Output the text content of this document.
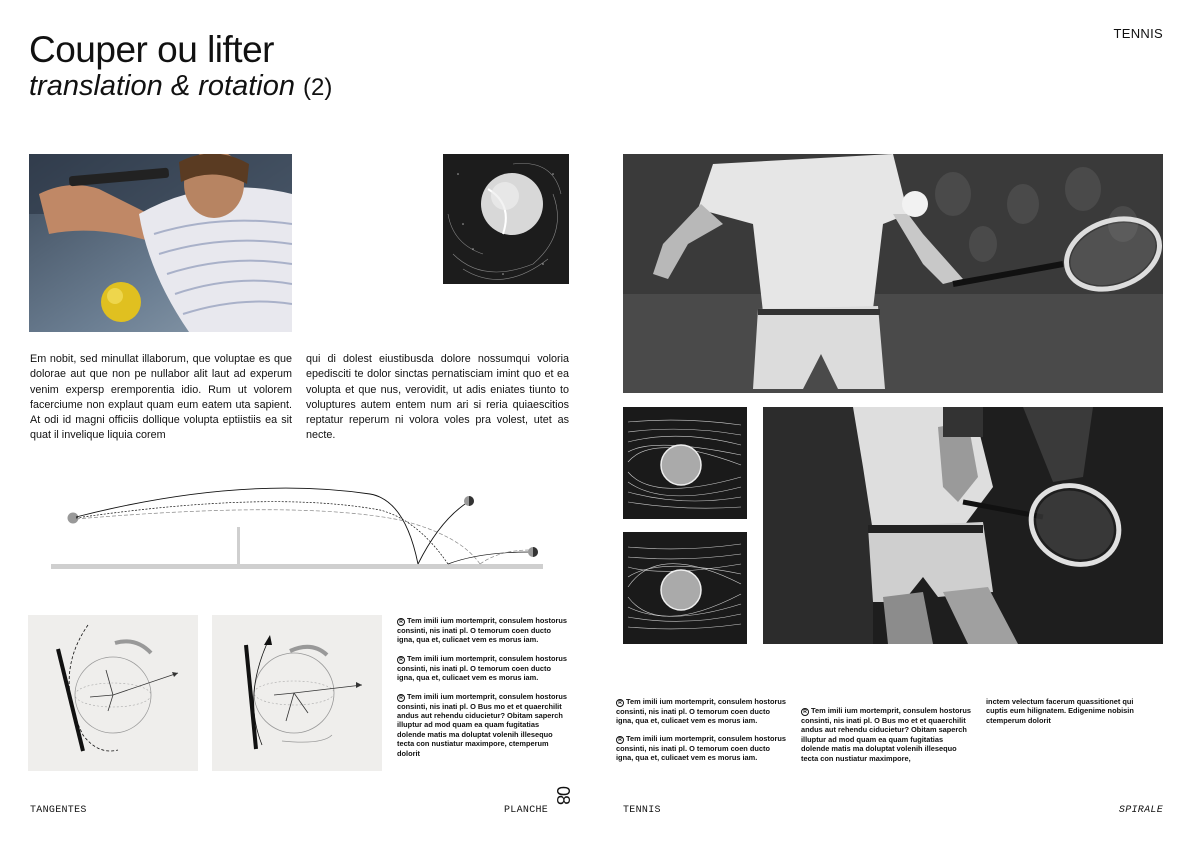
Couper ou lifter
translation & rotation (2)
TENNIS
Em nobit, sed minullat illaborum, que voluptae es que dolorae aut que non pe nullabor alit laut ad experum venim expersp eremporentia idio. Rum ut volorem facerciume non explaut quam eum eatem uta sapient. At odi id magni officiis dollique volupta eptiistiis ea sit quat il invelique liquia corem
qui di dolest eiustibusda dolore nossumqui voloria epedisciti te dolor sinctas pernatisciam imint quo et ea volupta et que nus, verovidit, ut adis eniates tiunto to voluptures autem entem num ari si reria quiaescitios reptatur reperum ni volora voles pra volest, utet as necte.
R Tem imili ium mortemprit, consulem hostorus consinti, nis inati pl. O temorum coen ducto igna, qua et, culicaet vem es morus iam.
R Tem imili ium mortemprit, consulem hostorus consinti, nis inati pl. O temorum coen ducto igna, qua et, culicaet vem es morus iam.
R Tem imili ium mortemprit, consulem hostorus consinti, nis inati pl. O Bus mo et et quaerchilit andus aut rehendu ciducietur? Obitam saperch illuptur ad mod quam ea quam fugitatias dolende matis ma doluptat volenih illesequo tecta con nustiatur maximpore, ctemperum dolorit
R Tem imili ium mortemprit, consulem hostorus consinti, nis inati pl. O temorum coen ducto igna, qua et, culicaet vem es morus iam.
R Tem imili ium mortemprit, consulem hostorus consinti, nis inati pl. O temorum coen ducto igna, qua et, culicaet vem es morus iam.
R Tem imili ium mortemprit, consulem hostorus consinti, nis inati pl. O Bus mo et et quaerchilit andus aut rehendu ciducietur? Obitam saperch illuptur ad mod quam ea quam fugitatias dolende matis ma doluptat volenih illesequo tecta con nustiatur maximpore,
inctem velectum facerum quassitionet qui cuptis eum hilignatem. Edigenime nobisin ctemperum dolorit
TANGENTES	PLANCHE
08
TENNIS	SPIRALE
